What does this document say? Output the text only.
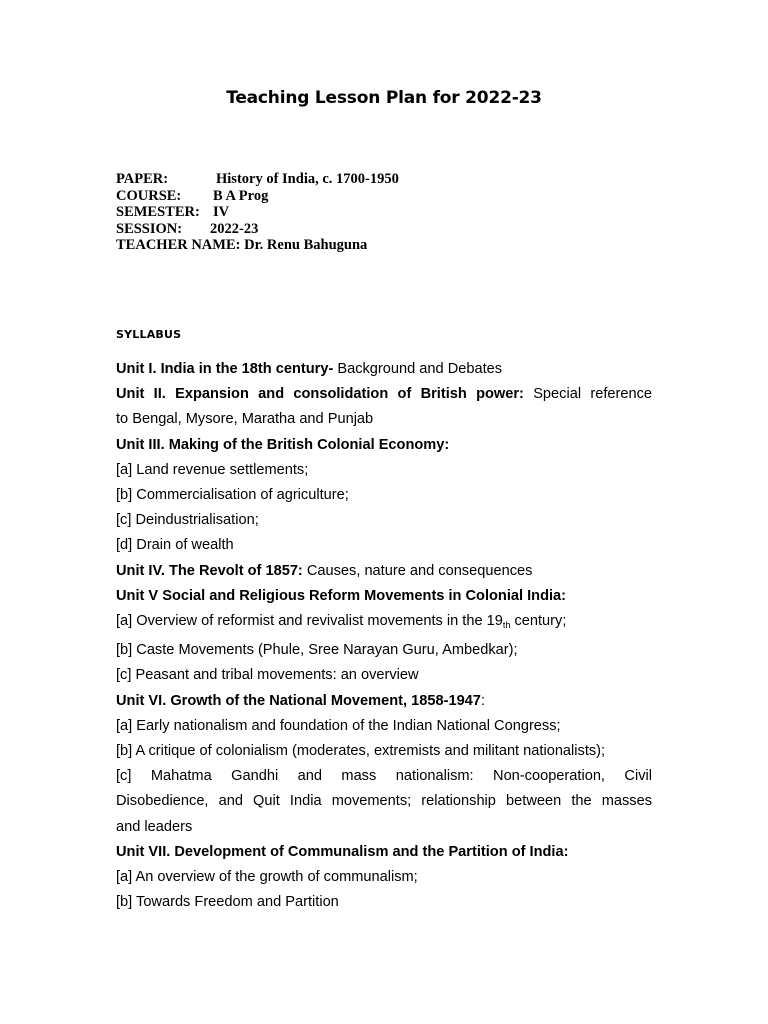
Teaching Lesson Plan for 2022-23
PAPER:	History of India, c. 1700-1950
COURSE: B A Prog
SEMESTER: IV
SESSION: 2022-23
TEACHER NAME: Dr. Renu Bahuguna
SYLLABUS
Unit I. India in the 18th century- Background and Debates
Unit II. Expansion and consolidation of British power: Special reference
to Bengal, Mysore, Maratha and Punjab
Unit III. Making of the British Colonial Economy:
[a] Land revenue settlements;
[b] Commercialisation of agriculture;
[c] Deindustrialisation;
[d] Drain of wealth
Unit IV. The Revolt of 1857: Causes, nature and consequences
Unit V Social and Religious Reform Movements in Colonial India:
[a] Overview of reformist and revivalist movements in the $19_{th}$ century;
[b] Caste Movements (Phule, Sree Narayan Guru, Ambedkar);
[c] Peasant and tribal movements: an overview
Unit VI. Growth of the National Movement, 1858-1947:
[a] Early nationalism and foundation of the Indian National Congress;
[b] A critique of colonialism (moderates, extremists and militant nationalists);
[c] Mahatma Gandhi and mass nationalism: Non-cooperation, Civil
Disobedience, and Quit India movements; relationship between the masses
and leaders
Unit VII. Development of Communalism and the Partition of India:
[a] An overview of the growth of communalism;
[b] Towards Freedom and Partition
